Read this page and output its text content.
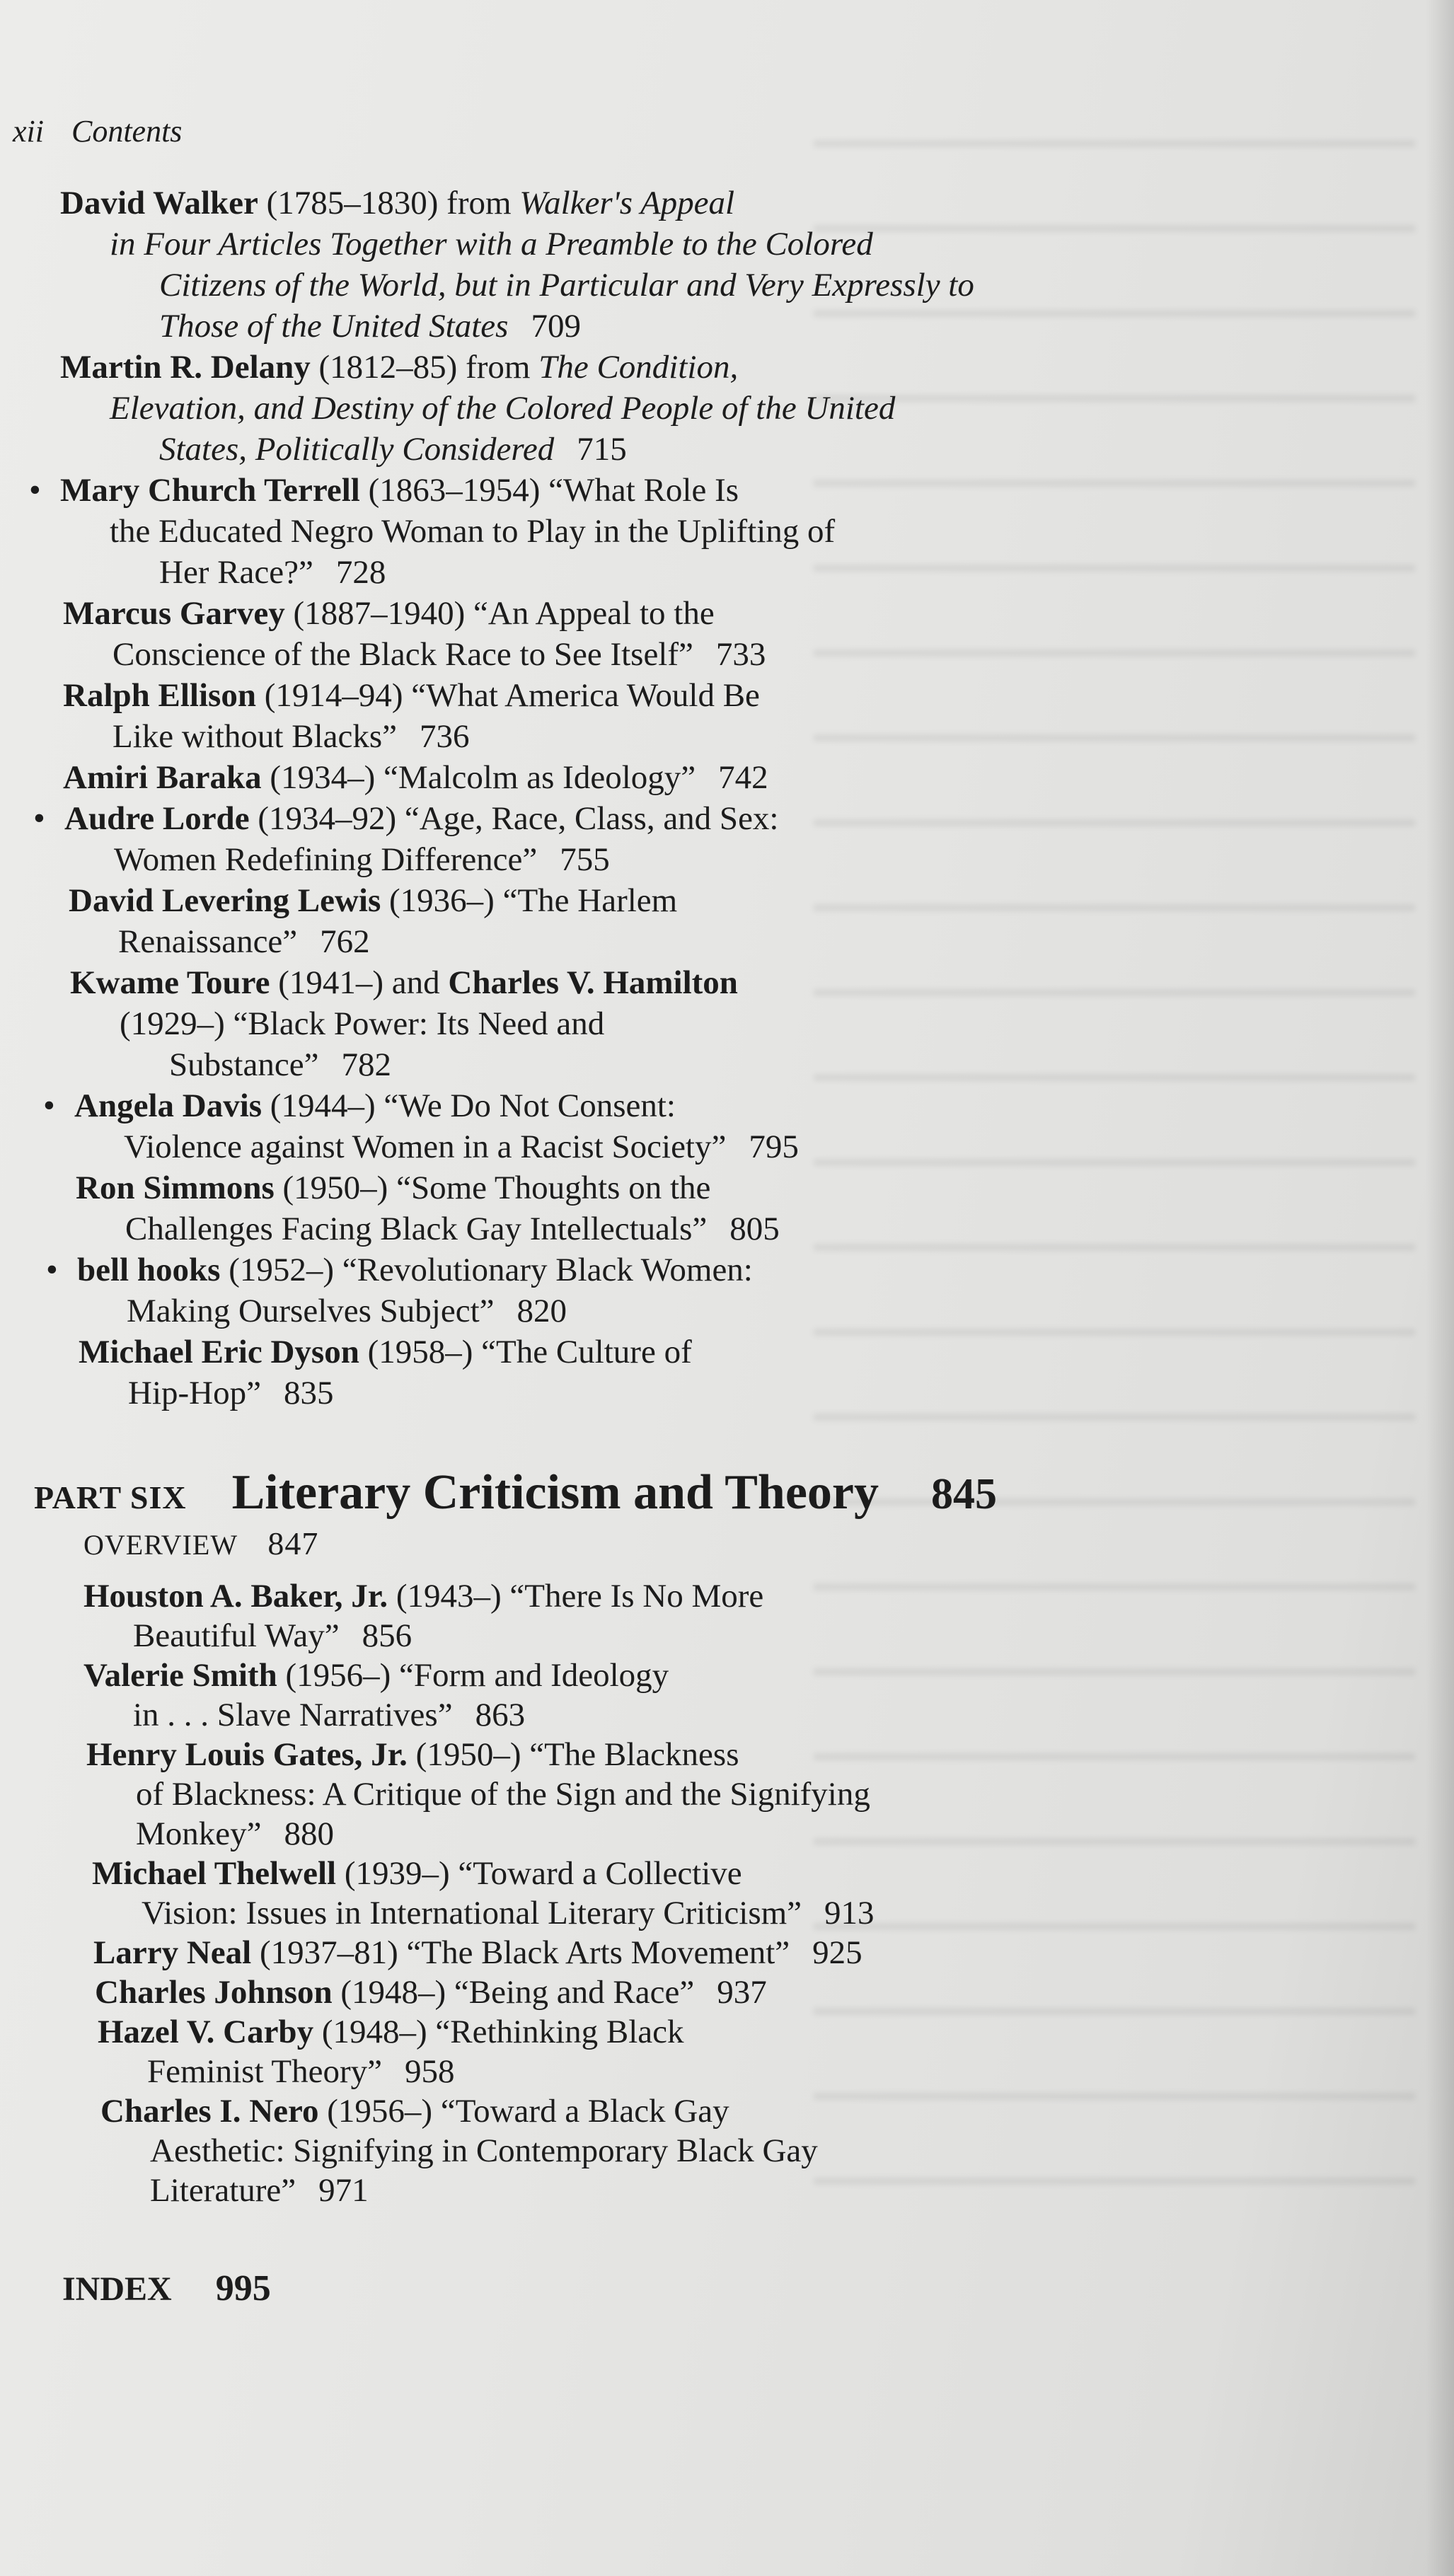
xii Contents
David Walker (1785–1830) from Walker's Appeal
in Four Articles Together with a Preamble to the Colored
Citizens of the World, but in Particular and Very Expressly to
Those of the United States 709
Martin R. Delany (1812–85) from The Condition,
Elevation, and Destiny of the Colored People of the United
States, Politically Considered 715
• Mary Church Terrell (1863–1954) “What Role Is
the Educated Negro Woman to Play in the Uplifting of
Her Race?” 728
Marcus Garvey (1887–1940) “An Appeal to the
Conscience of the Black Race to See Itself” 733
Ralph Ellison (1914–94) “What America Would Be
Like without Blacks” 736
Amiri Baraka (1934–) “Malcolm as Ideology” 742
• Audre Lorde (1934–92) “Age, Race, Class, and Sex:
Women Redefining Difference” 755
David Levering Lewis (1936–) “The Harlem
Renaissance” 762
Kwame Toure (1941–) and Charles V. Hamilton
(1929–) “Black Power: Its Need and
Substance” 782
• Angela Davis (1944–) “We Do Not Consent:
Violence against Women in a Racist Society” 795
Ron Simmons (1950–) “Some Thoughts on the
Challenges Facing Black Gay Intellectuals” 805
• bell hooks (1952–) “Revolutionary Black Women:
Making Ourselves Subject” 820
Michael Eric Dyson (1958–) “The Culture of
Hip-Hop” 835
PART SIX Literary Criticism and Theory 845
OVERVIEW 847
Houston A. Baker, Jr. (1943–) “There Is No More
Beautiful Way” 856
Valerie Smith (1956–) “Form and Ideology
in . . . Slave Narratives” 863
Henry Louis Gates, Jr. (1950–) “The Blackness
of Blackness: A Critique of the Sign and the Signifying
Monkey” 880
Michael Thelwell (1939–) “Toward a Collective
Vision: Issues in International Literary Criticism” 913
Larry Neal (1937–81) “The Black Arts Movement” 925
Charles Johnson (1948–) “Being and Race” 937
Hazel V. Carby (1948–) “Rethinking Black
Feminist Theory” 958
Charles I. Nero (1956–) “Toward a Black Gay
Aesthetic: Signifying in Contemporary Black Gay
Literature” 971
INDEX 995
